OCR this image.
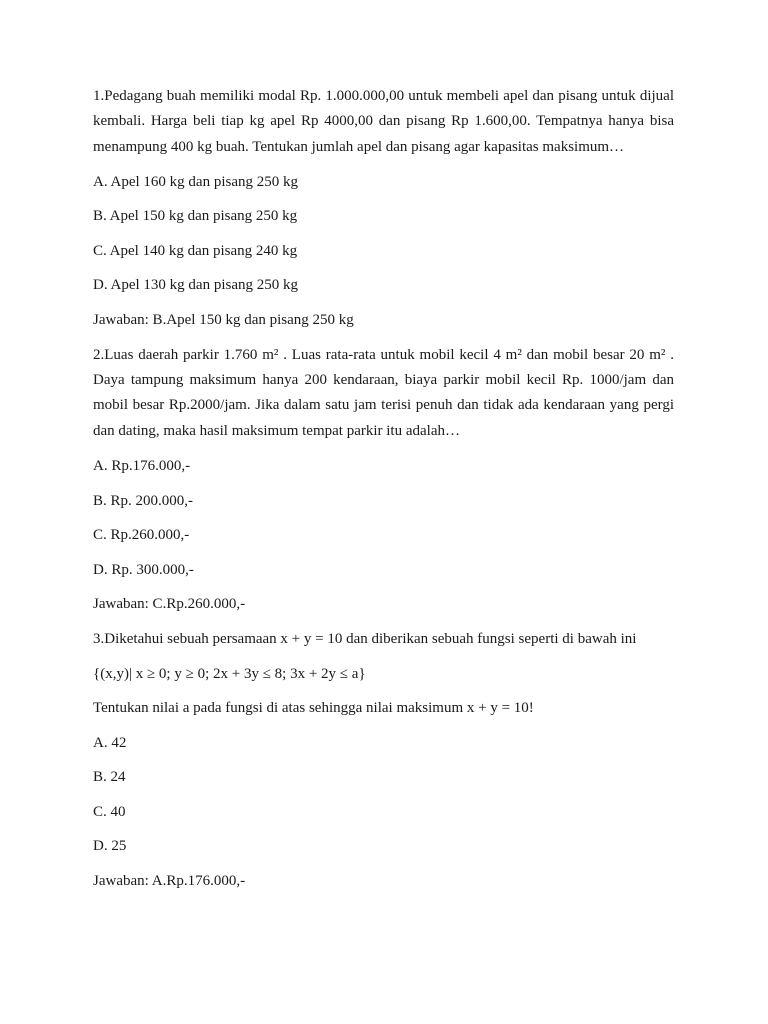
1.Pedagang buah memiliki modal Rp. 1.000.000,00 untuk membeli apel dan pisang untuk dijual kembali. Harga beli tiap kg apel Rp 4000,00 dan pisang Rp 1.600,00. Tempatnya hanya bisa menampung 400 kg buah. Tentukan jumlah apel dan pisang agar kapasitas maksimum…

A. Apel 160 kg dan pisang 250 kg

B. Apel 150 kg dan pisang 250 kg

C. Apel 140 kg dan pisang 240 kg

D. Apel 130 kg dan pisang 250 kg

Jawaban: B.Apel 150 kg dan pisang 250 kg

2.Luas daerah parkir 1.760 m² . Luas rata-rata untuk mobil kecil 4 m² dan mobil besar 20 m² . Daya tampung maksimum hanya 200 kendaraan, biaya parkir mobil kecil Rp. 1000/jam dan mobil besar Rp.2000/jam. Jika dalam satu jam terisi penuh dan tidak ada kendaraan yang pergi dan dating, maka hasil maksimum tempat parkir itu adalah…

A. Rp.176.000,-

B. Rp. 200.000,-

C. Rp.260.000,-

D. Rp. 300.000,-

Jawaban: C.Rp.260.000,-

3.Diketahui sebuah persamaan x + y = 10 dan diberikan sebuah fungsi seperti di bawah ini

{(x,y)| x ≥ 0; y ≥ 0; 2x + 3y ≤ 8; 3x + 2y ≤ a}

Tentukan nilai a pada fungsi di atas sehingga nilai maksimum x + y = 10!

A. 42

B. 24

C. 40

D. 25

Jawaban: A.Rp.176.000,-
